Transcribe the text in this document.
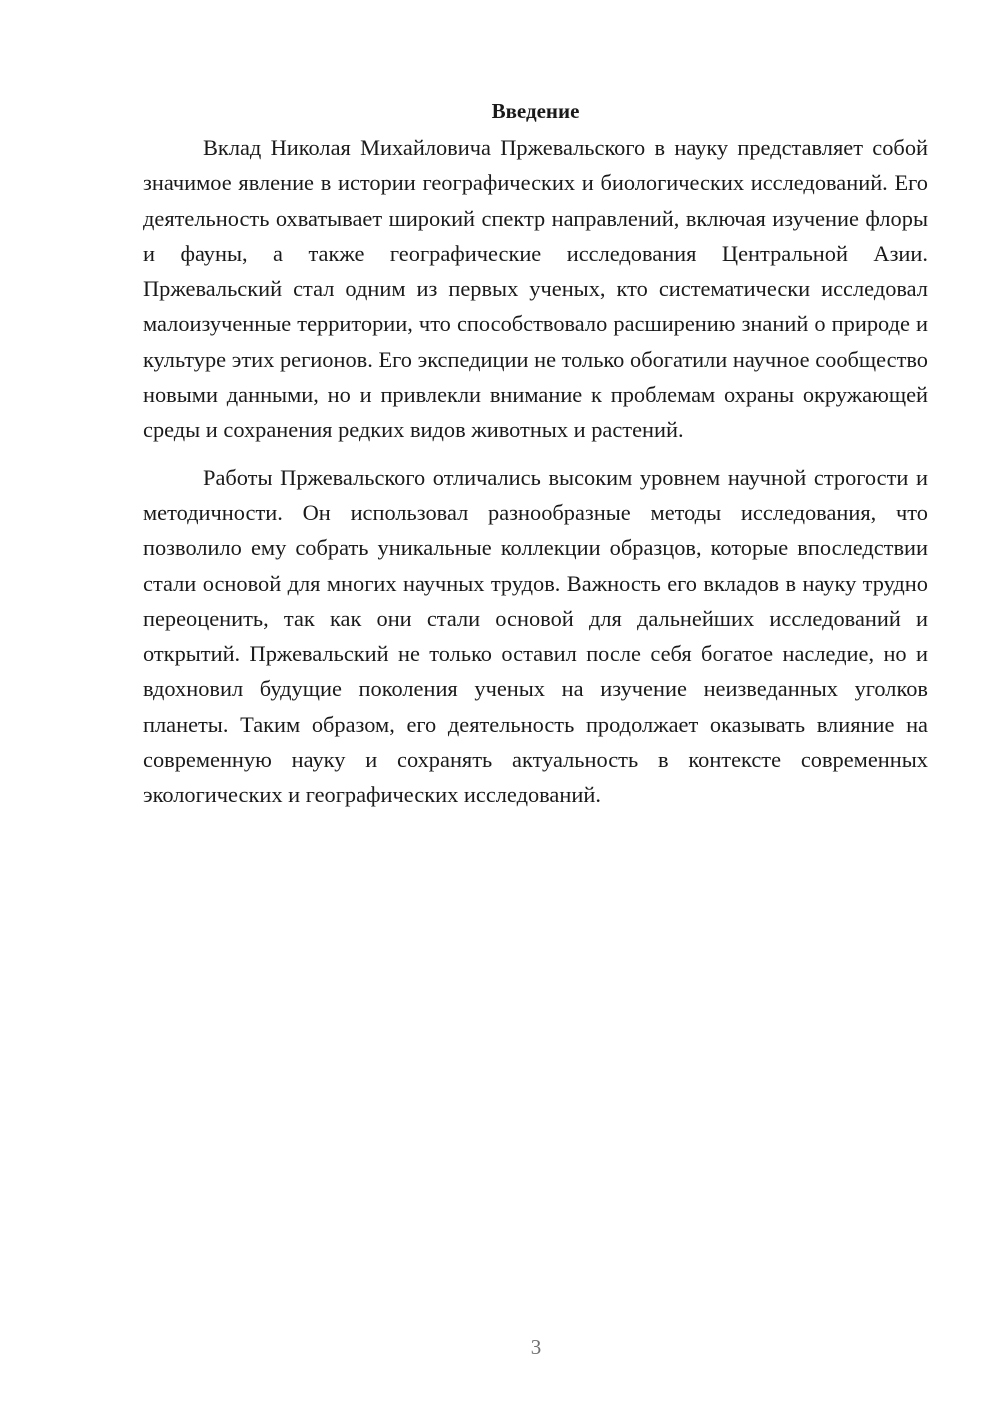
Введение

Вклад Николая Михайловича Пржевальского в науку представляет собой значимое явление в истории географических и биологических исследований. Его деятельность охватывает широкий спектр направлений, включая изучение флоры и фауны, а также географические исследования Центральной Азии. Пржевальский стал одним из первых ученых, кто систематически исследовал малоизученные территории, что способствовало расширению знаний о природе и культуре этих регионов. Его экспедиции не только обогатили научное сообщество новыми данными, но и привлекли внимание к проблемам охраны окружающей среды и сохранения редких видов животных и растений.

Работы Пржевальского отличались высоким уровнем научной строгости и методичности. Он использовал разнообразные методы исследования, что позволило ему собрать уникальные коллекции образцов, которые впоследствии стали основой для многих научных трудов. Важность его вкладов в науку трудно переоценить, так как они стали основой для дальнейших исследований и открытий. Пржевальский не только оставил после себя богатое наследие, но и вдохновил будущие поколения ученых на изучение неизведанных уголков планеты. Таким образом, его деятельность продолжает оказывать влияние на современную науку и сохранять актуальность в контексте современных экологических и географических исследований.

3
